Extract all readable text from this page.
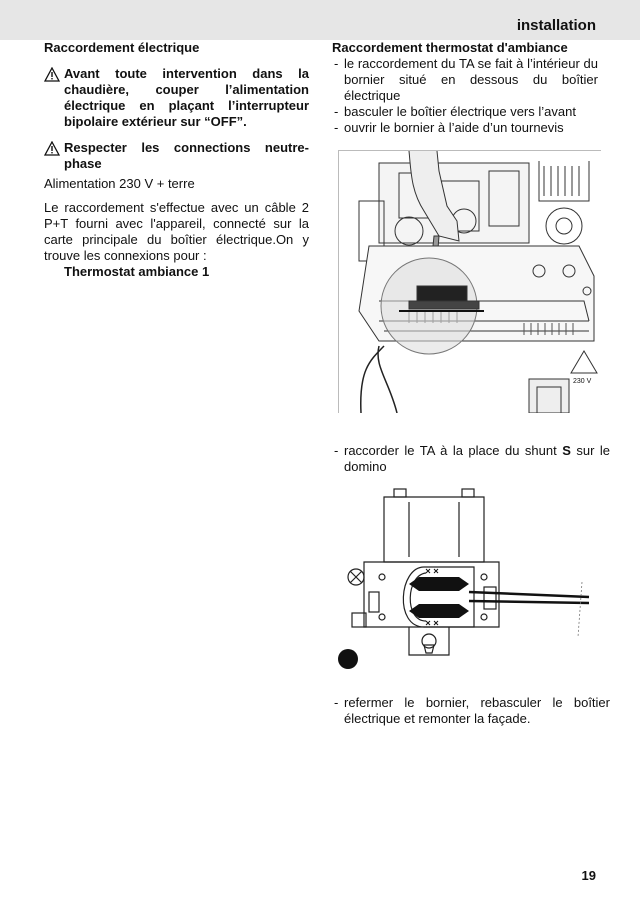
installation
Raccordement électrique
Avant toute intervention dans la chaudière, couper l’alimentation électrique en plaçant l’interrupteur bipolaire extérieur sur “OFF”.
Respecter les connections neutre-phase

Alimentation 230 V + terre

Le raccordement s'effectue avec un câble 2 P+T fourni avec l'appareil, connecté sur la carte principale du boîtier électrique.On y trouve les connexions pour :

Thermostat ambiance 1

Raccordement thermostat d'ambiance
- le raccordement du TA se fait à l’intérieur du bornier situé en dessous du boîtier électrique
- basculer le boîtier électrique vers l’avant
- ouvrir le bornier à l’aide d’un tournevis
230 V
- raccorder le TA à la place du shunt S sur le domino
- refermer le bornier, rebasculer le boîtier électrique et remonter la façade.
19
